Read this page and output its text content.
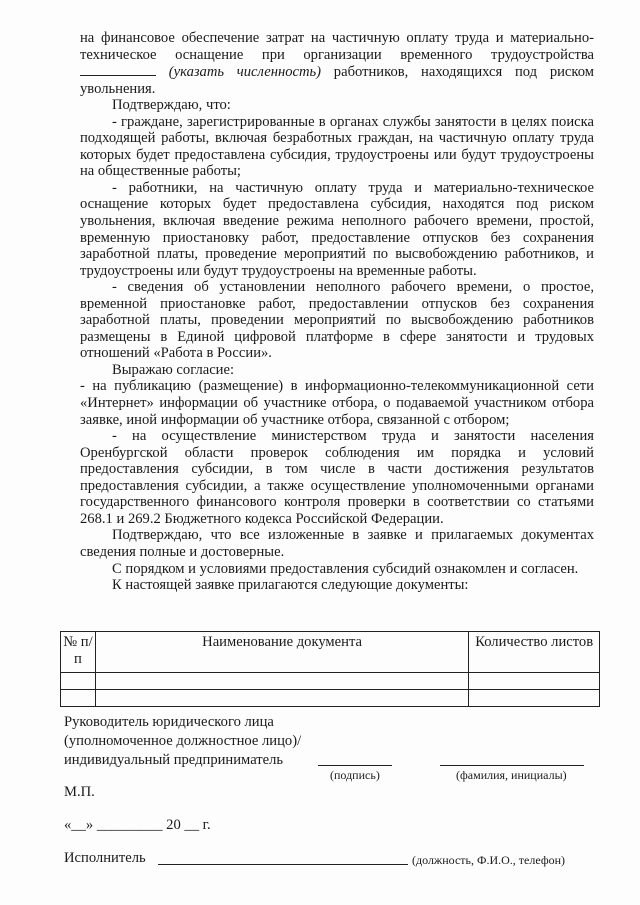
на финансовое обеспечение затрат на частичную оплату труда и материально-техническое оснащение при организации временного трудоустройства  (указать численность) работников, находящихся под риском увольнения.

Подтверждаю, что:

- граждане, зарегистрированные в органах службы занятости в целях поиска подходящей работы, включая безработных граждан, на частичную оплату труда которых будет предоставлена субсидия, трудоустроены или будут трудоустроены на общественные работы;

- работники, на частичную оплату труда и материально-техническое оснащение которых будет предоставлена субсидия, находятся под риском увольнения, включая введение режима неполного рабочего времени, простой, временную приостановку работ, предоставление отпусков без сохранения заработной платы, проведение мероприятий по высвобождению работников, и трудоустроены или будут трудоустроены на временные работы.

- сведения об установлении неполного рабочего времени, о простое, временной приостановке работ, предоставлении отпусков без сохранения заработной платы, проведении мероприятий по высвобождению работников размещены в Единой цифровой платформе в сфере занятости и трудовых отношений «Работа в России».

Выражаю согласие:

- на публикацию (размещение) в информационно-телекоммуникационной сети «Интернет» информации об участнике отбора, о подаваемой участником отбора заявке, иной информации об участнике отбора, связанной с отбором;

- на осуществление министерством труда и занятости населения Оренбургской области проверок соблюдения им порядка и условий предоставления субсидии, в том числе в части достижения результатов предоставления субсидии, а также осуществление уполномоченными органами государственного финансового контроля проверки в соответствии со статьями 268.1 и 269.2 Бюджетного кодекса Российской Федерации.

Подтверждаю, что все изложенные в заявке и прилагаемых документах сведения полные и достоверные.

С порядком и условиями предоставления субсидий ознакомлен и согласен.

К настоящей заявке прилагаются следующие документы:

№ п/п	Наименование документа	Количество листов

Руководитель юридического лица
(уполномоченное должностное лицо)/
индивидуальный предприниматель
(подпись)	(фамилия, инициалы)
М.П.
«__» _________ 20 __ г.
Исполнитель	(должность, Ф.И.О., телефон)
